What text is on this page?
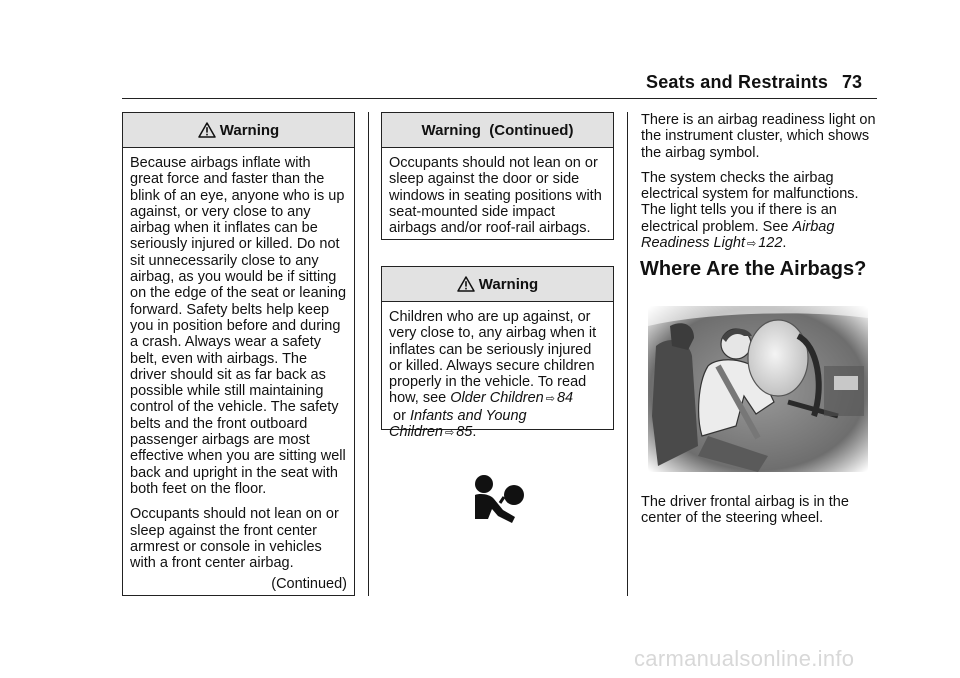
Seats and Restraints 73
Warning

Because airbags inflate with great force and faster than the blink of an eye, anyone who is up against, or very close to any airbag when it inflates can be seriously injured or killed. Do not sit unnecessarily close to any airbag, as you would be if sitting on the edge of the seat or leaning forward. Safety belts help keep you in position before and during a crash. Always wear a safety belt, even with airbags. The driver should sit as far back as possible while still maintaining control of the vehicle. The safety belts and the front outboard passenger airbags are most effective when you are sitting well back and upright in the seat with both feet on the floor.

Occupants should not lean on or sleep against the front center armrest or console in vehicles with a front center airbag.

(Continued)
Warning  (Continued)

Occupants should not lean on or sleep against the door or side windows in seating positions with seat-mounted side impact airbags and/or roof-rail airbags.

Warning

Children who are up against, or very close to, any airbag when it inflates can be seriously injured or killed. Always secure children properly in the vehicle. To read how, see Older Children ⇨ 84 or Infants and Young Children ⇨ 85.

There is an airbag readiness light on the instrument cluster, which shows the airbag symbol.

The system checks the airbag electrical system for malfunctions. The light tells you if there is an electrical problem. See Airbag Readiness Light ⇨ 122.

Where Are the Airbags?

The driver frontal airbag is in the center of the steering wheel.

carmanualsonline.info
